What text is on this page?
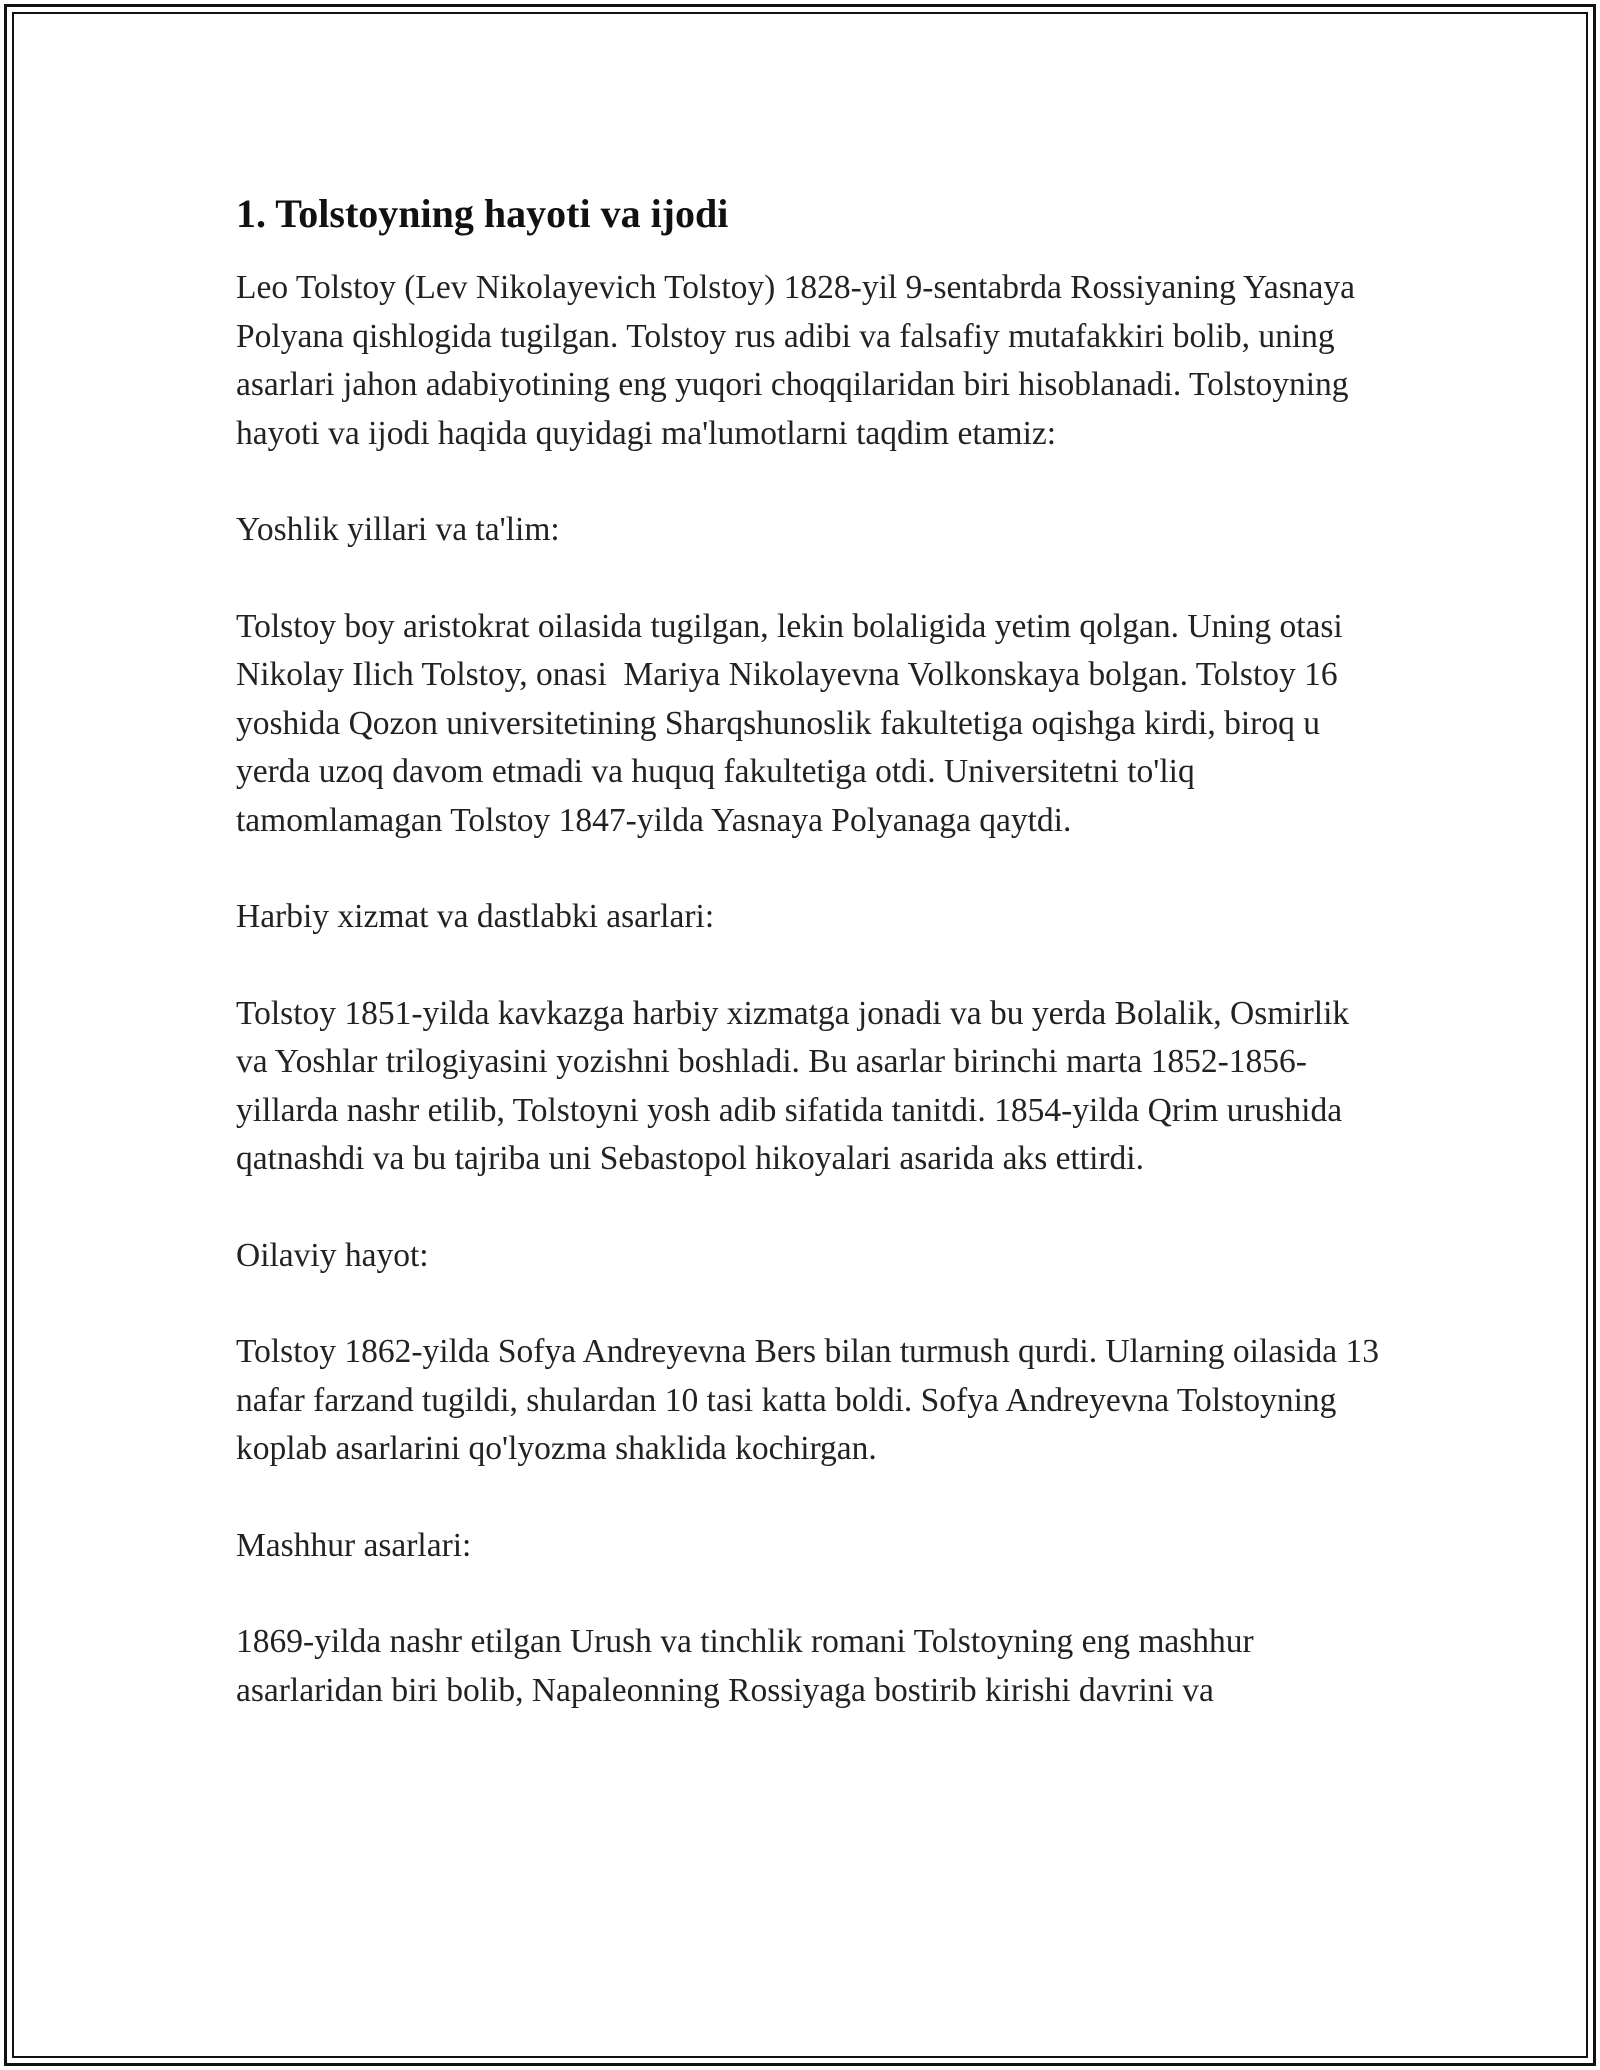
1. Tolstoyning hayoti va ijodi

Leo Tolstoy (Lev Nikolayevich Tolstoy) 1828-yil 9-sentabrda Rossiyaning Yasnaya Polyana qishlogida tugilgan. Tolstoy rus adibi va falsafiy mutafakkiri bolib, uning asarlari jahon adabiyotining eng yuqori choqqilaridan biri hisoblanadi. Tolstoyning hayoti va ijodi haqida quyidagi ma'lumotlarni taqdim etamiz:

Yoshlik yillari va ta'lim:

Tolstoy boy aristokrat oilasida tugilgan, lekin bolaligida yetim qolgan. Uning otasi  Nikolay Ilich Tolstoy, onasi  Mariya Nikolayevna Volkonskaya bolgan. Tolstoy 16 yoshida Qozon universitetining Sharqshunoslik fakultetiga oqishga kirdi, biroq u yerda uzoq davom etmadi va huquq fakultetiga otdi. Universitetni to'liq tamomlamagan Tolstoy 1847-yilda Yasnaya Polyanaga qaytdi.

Harbiy xizmat va dastlabki asarlari:

Tolstoy 1851-yilda kavkazga harbiy xizmatga jonadi va bu yerda Bolalik, Osmirlik va Yoshlar trilogiyasini yozishni boshladi. Bu asarlar birinchi marta 1852-1856-yillarda nashr etilib, Tolstoyni yosh adib sifatida tanitdi. 1854-yilda Qrim urushida qatnashdi va bu tajriba uni Sebastopol hikoyalari asarida aks ettirdi.

Oilaviy hayot:

Tolstoy 1862-yilda Sofya Andreyevna Bers bilan turmush qurdi. Ularning oilasida 13 nafar farzand tugildi, shulardan 10 tasi katta boldi. Sofya Andreyevna Tolstoyning koplab asarlarini qo'lyozma shaklida kochirgan.

Mashhur asarlari:

1869-yilda nashr etilgan Urush va tinchlik romani Tolstoyning eng mashhur asarlaridan biri bolib, Napaleonning Rossiyaga bostirib kirishi davrini va
